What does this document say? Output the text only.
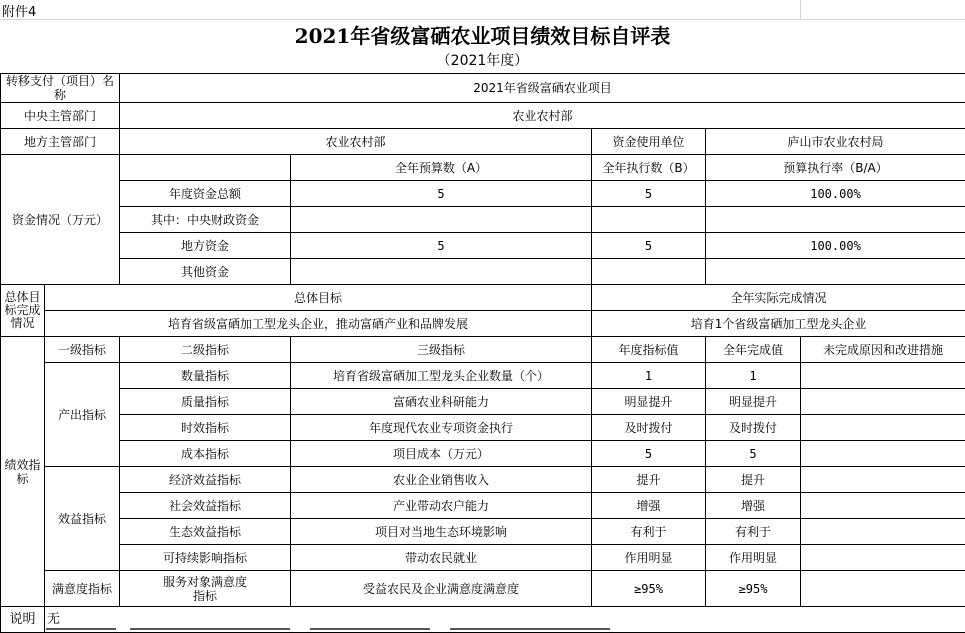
附件4
2021年省级富硒农业项目绩效目标自评表
（2021年度）
转移支付（项目）名称		2021年省级富硒农业项目				
中央主管部门		农业农村部				
地方主管部门		农业农村部		资金使用单位	庐山市农业农村局	
资金情况（万元）			全年预算数（A）	全年执行数（B）	预算执行率（B/A）	
		年度资金总额	5	5	100.00%	
		其中：中央财政资金				
		地方资金	5	5	100.00%	
		其他资金				
总体目标完成情况	总体目标			全年实际完成情况		
	培育省级富硒加工型龙头企业，推动富硒产业和品牌发展			培育1个省级富硒加工型龙头企业		
绩效指标	一级指标	二级指标	三级指标	年度指标值	全年完成值	未完成原因和改进措施
	产出指标	数量指标	培育省级富硒加工型龙头企业数量（个）	1	1	
		质量指标	富硒农业科研能力	明显提升	明显提升	
		时效指标	年度现代农业专项资金执行	及时拨付	及时拨付	
		成本指标	项目成本（万元）	5	5	
	效益指标	经济效益指标	农业企业销售收入	提升	提升	
		社会效益指标	产业带动农户能力	增强	增强	
		生态效益指标	项目对当地生态环境影响	有利于	有利于	
		可持续影响指标	带动农民就业	作用明显	作用明显	
	满意度指标	服务对象满意度指标	受益农民及企业满意度满意度	≥95%	≥95%	
说明	无					
